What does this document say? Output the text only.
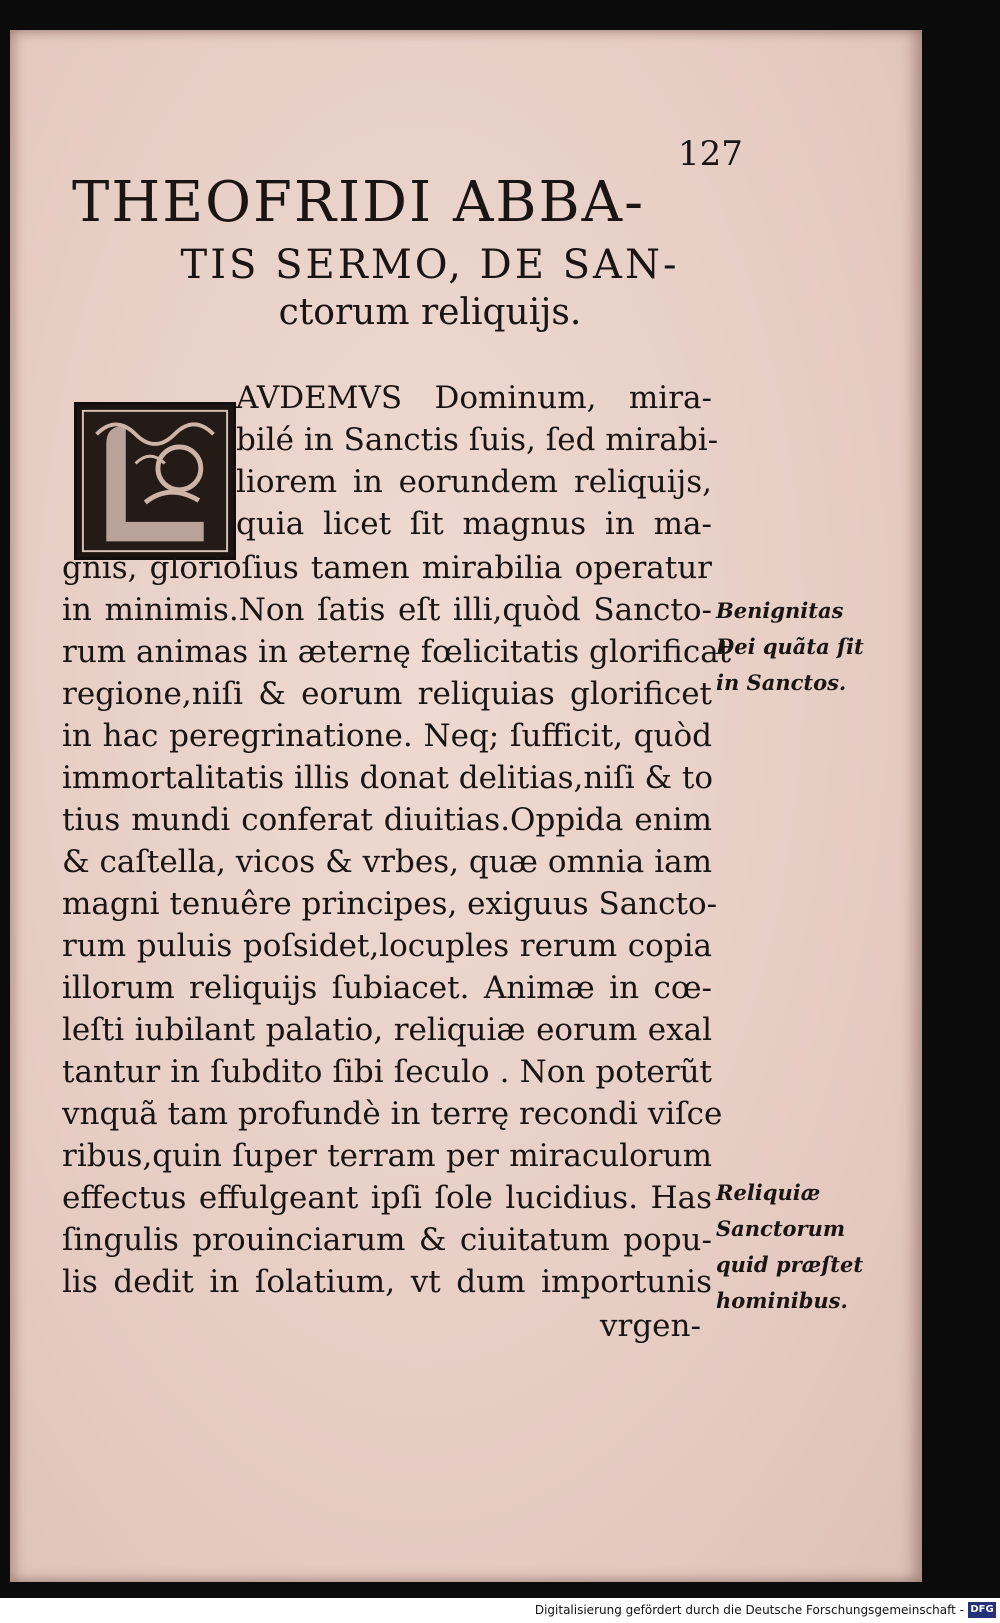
127
THEOFRIDI ABBA-
TIS SERMO, DE SAN-
ctorum reliquijs.
AVDEMVS Dominum, mira-
bilé in Sanctis ſuis, ſed mirabi-
liorem in eorundem reliquijs,
quia licet ſit magnus in ma-
gnis, glorioſius tamen mirabilia operatur
in minimis.Non ſatis eſt illi,quòd Sancto-
rum animas in æternę fœlicitatis glorificat
regione,niſi & eorum reliquias glorificet
in hac peregrinatione. Neq; ſufficit, quòd
immortalitatis illis donat delitias,niſi & to
tius mundi conferat diuitias.Oppida enim
& caſtella, vicos & vrbes, quæ omnia iam
magni tenuêre principes, exiguus Sancto-
rum puluis poſsidet,locuples rerum copia
illorum reliquijs ſubiacet. Animæ in cœ-
leſti iubilant palatio, reliquiæ eorum exal
tantur in ſubdito ſibi ſeculo . Non poterũt
vnquã tam profundè in terrę recondi viſce
ribus,quin ſuper terram per miraculorum
effectus effulgeant ipſi ſole lucidius. Has
ſingulis prouinciarum & ciuitatum popu-
lis dedit in ſolatium, vt dum importunis
vrgen-
Benignitas
Dei quãta ſit
in Sanctos.
Reliquiæ
Sanctorum
quid præſtet
hominibus.
Digitalisierung gefördert durch die Deutsche Forschungsgemeinschaft - DFG
